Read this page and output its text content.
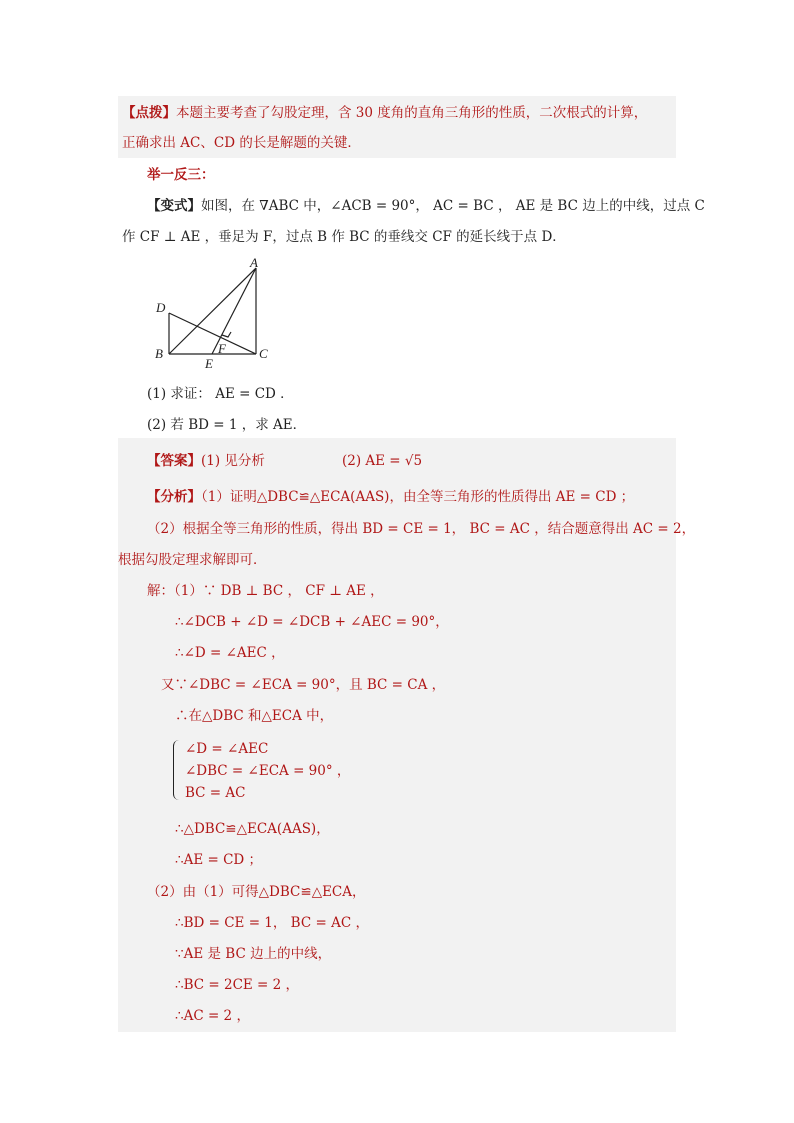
【点拨】本题主要考查了勾股定理，含 30 度角的直角三角形的性质，二次根式的计算，
正确求出 AC、CD 的长是解题的关键．
举一反三：
【变式】如图，在 ∇ABC 中，∠ACB = 90°， AC = BC ， AE 是 BC 边上的中线，过点 C
作 CF ⊥ AE ，垂足为 F，过点 B 作 BC 的垂线交 CF 的延长线于点 D．
A
B	C
D
E
F
(1) 求证： AE = CD ．
(2) 若 BD = 1 ，求 AE．
【答案】(1) 见分析	(2) AE = √5
【分析】（1）证明△DBC≌△ECA(AAS)，由全等三角形的性质得出 AE = CD ；
（2）根据全等三角形的性质，得出 BD = CE = 1， BC = AC ，结合题意得出 AC = 2，
根据勾股定理求解即可．
解：（1）∵ DB ⊥ BC ， CF ⊥ AE ，
∴∠DCB + ∠D = ∠DCB + ∠AEC = 90°，
∴∠D = ∠AEC ，
又∵∠DBC = ∠ECA = 90°，且 BC = CA ，
∴在△DBC 和△ECA 中，
∠D = ∠AEC
∠DBC = ∠ECA = 90° ，
BC = AC
∴△DBC≌△ECA(AAS)，
∴AE = CD ；
（2）由（1）可得△DBC≌△ECA，
∴BD = CE = 1， BC = AC ，
∵AE 是 BC 边上的中线，
∴BC = 2CE = 2 ，
∴AC = 2 ，
